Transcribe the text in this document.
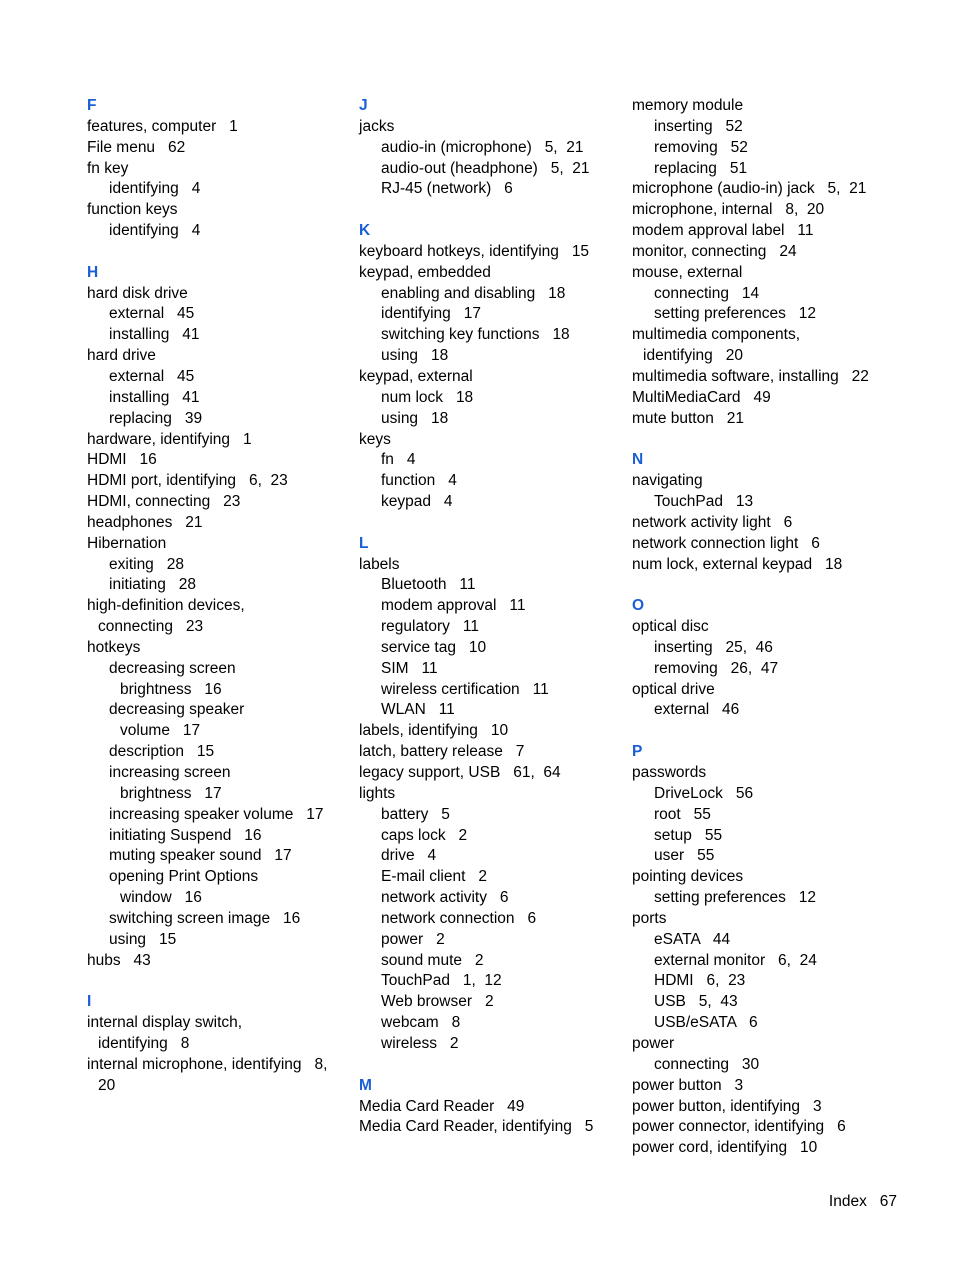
F
features, computer   1
File menu   62
fn key
identifying   4
function keys
identifying   4
H
hard disk drive
external   45
installing   41
hard drive
external   45
installing   41
replacing   39
hardware, identifying   1
HDMI   16
HDMI port, identifying   6,  23
HDMI, connecting   23
headphones   21
Hibernation
exiting   28
initiating   28
high-definition devices,
connecting   23
hotkeys
decreasing screen
brightness   16
decreasing speaker
volume   17
description   15
increasing screen
brightness   17
increasing speaker volume   17
initiating Suspend   16
muting speaker sound   17
opening Print Options
window   16
switching screen image   16
using   15
hubs   43
I
internal display switch,
identifying   8
internal microphone, identifying   8,
20
J
jacks
audio-in (microphone)   5,  21
audio-out (headphone)   5,  21
RJ-45 (network)   6
K
keyboard hotkeys, identifying   15
keypad, embedded
enabling and disabling   18
identifying   17
switching key functions   18
using   18
keypad, external
num lock   18
using   18
keys
fn   4
function   4
keypad   4
L
labels
Bluetooth   11
modem approval   11
regulatory   11
service tag   10
SIM   11
wireless certification   11
WLAN   11
labels, identifying   10
latch, battery release   7
legacy support, USB   61,  64
lights
battery   5
caps lock   2
drive   4
E-mail client   2
network activity   6
network connection   6
power   2
sound mute   2
TouchPad   1,  12
Web browser   2
webcam   8
wireless   2
M
Media Card Reader   49
Media Card Reader, identifying   5
memory module
inserting   52
removing   52
replacing   51
microphone (audio-in) jack   5,  21
microphone, internal   8,  20
modem approval label   11
monitor, connecting   24
mouse, external
connecting   14
setting preferences   12
multimedia components,
identifying   20
multimedia software, installing   22
MultiMediaCard   49
mute button   21
N
navigating
TouchPad   13
network activity light   6
network connection light   6
num lock, external keypad   18
O
optical disc
inserting   25,  46
removing   26,  47
optical drive
external   46
P
passwords
DriveLock   56
root   55
setup   55
user   55
pointing devices
setting preferences   12
ports
eSATA   44
external monitor   6,  24
HDMI   6,  23
USB   5,  43
USB/eSATA   6
power
connecting   30
power button   3
power button, identifying   3
power connector, identifying   6
power cord, identifying   10
Index 67
